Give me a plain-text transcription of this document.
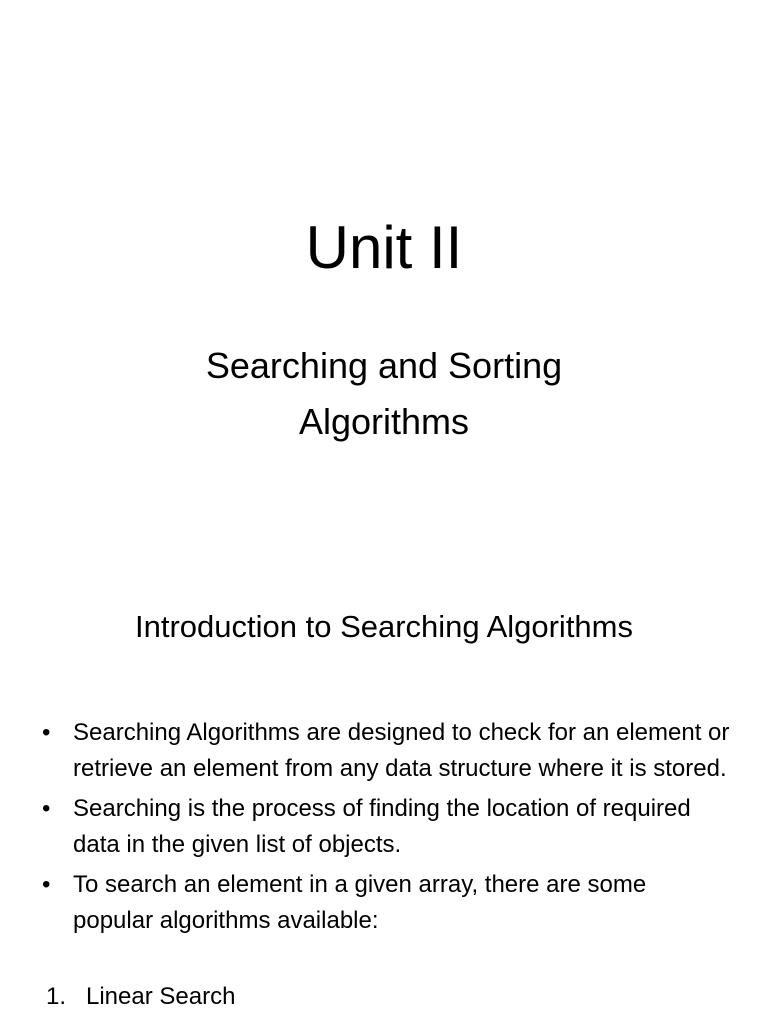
Unit II
Searching and Sorting Algorithms
Introduction to Searching Algorithms
• Searching Algorithms are designed to check for an element or retrieve an element from any data structure where it is stored.
• Searching is the process of finding the location of required data in the given list of objects.
• To search an element in a given array, there are some popular algorithms available:
1. Linear Search
